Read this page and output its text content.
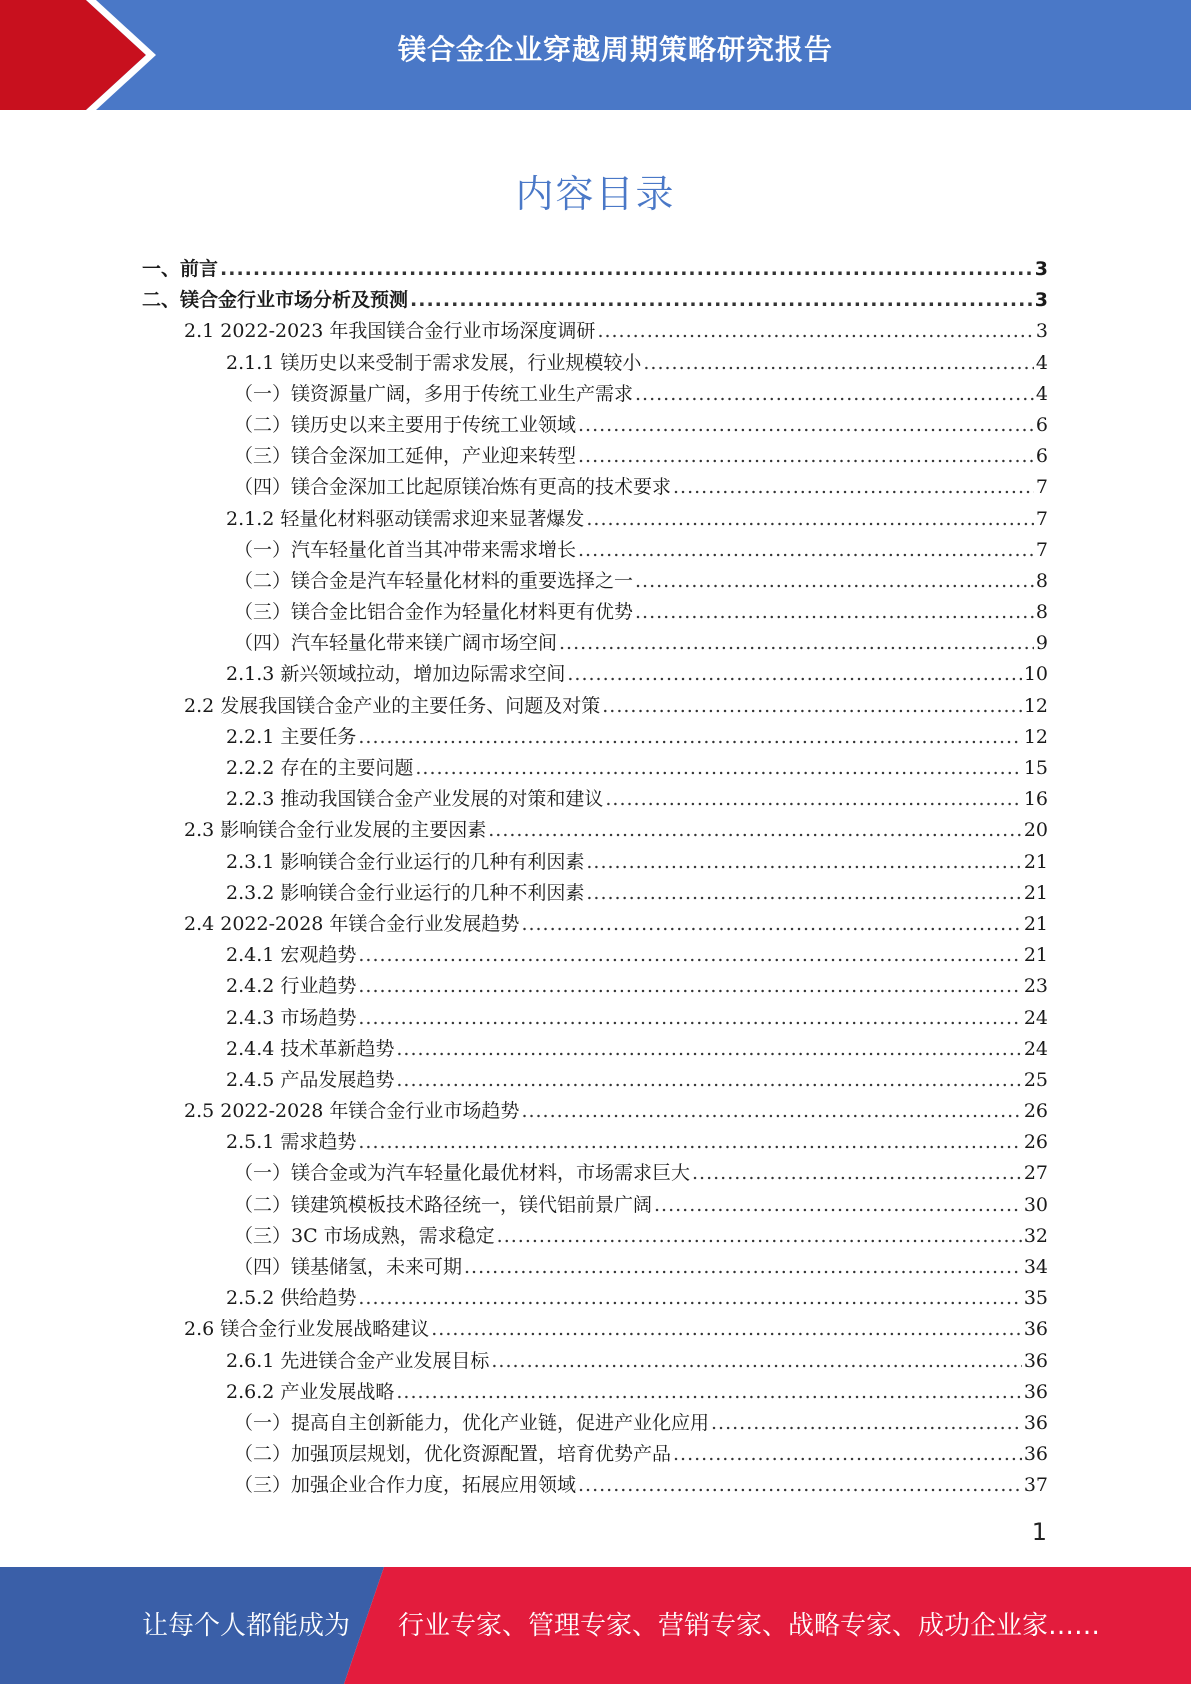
镁合金企业穿越周期策略研究报告
内容目录
一、前言 .....	3
二、镁合金行业市场分析及预测 .....	3
2.1 2022-2023 年我国镁合金行业市场深度调研 .....	3
2.1.1 镁历史以来受制于需求发展，行业规模较小 .....	4
（一）镁资源量广阔，多用于传统工业生产需求 .....	4
（二）镁历史以来主要用于传统工业领域 .....	6
（三）镁合金深加工延伸，产业迎来转型 .....	6
（四）镁合金深加工比起原镁冶炼有更高的技术要求 .....	7
2.1.2 轻量化材料驱动镁需求迎来显著爆发 .....	7
（一）汽车轻量化首当其冲带来需求增长 .....	7
（二）镁合金是汽车轻量化材料的重要选择之一 .....	8
（三）镁合金比铝合金作为轻量化材料更有优势 .....	8
（四）汽车轻量化带来镁广阔市场空间 .....	9
2.1.3 新兴领域拉动，增加边际需求空间 .....	10
2.2 发展我国镁合金产业的主要任务、问题及对策 .....	12
2.2.1 主要任务 .....	12
2.2.2 存在的主要问题 .....	15
2.2.3 推动我国镁合金产业发展的对策和建议 .....	16
2.3 影响镁合金行业发展的主要因素 .....	20
2.3.1 影响镁合金行业运行的几种有利因素 .....	21
2.3.2 影响镁合金行业运行的几种不利因素 .....	21
2.4 2022-2028 年镁合金行业发展趋势 .....	21
2.4.1 宏观趋势 .....	21
2.4.2 行业趋势 .....	23
2.4.3 市场趋势 .....	24
2.4.4 技术革新趋势 .....	24
2.4.5 产品发展趋势 .....	25
2.5 2022-2028 年镁合金行业市场趋势 .....	26
2.5.1 需求趋势 .....	26
（一）镁合金或为汽车轻量化最优材料，市场需求巨大 .....	27
（二）镁建筑模板技术路径统一，镁代铝前景广阔 .....	30
（三）3C 市场成熟，需求稳定 .....	32
（四）镁基储氢，未来可期 .....	34
2.5.2 供给趋势 .....	35
2.6 镁合金行业发展战略建议 .....	36
2.6.1 先进镁合金产业发展目标 .....	36
2.6.2 产业发展战略 .....	36
（一）提高自主创新能力，优化产业链，促进产业化应用 .....	36
（二）加强顶层规划，优化资源配置，培育优势产品 .....	36
（三）加强企业合作力度，拓展应用领域 .....	37
1
让每个人都能成为 行业专家、管理专家、营销专家、战略专家、成功企业家……
